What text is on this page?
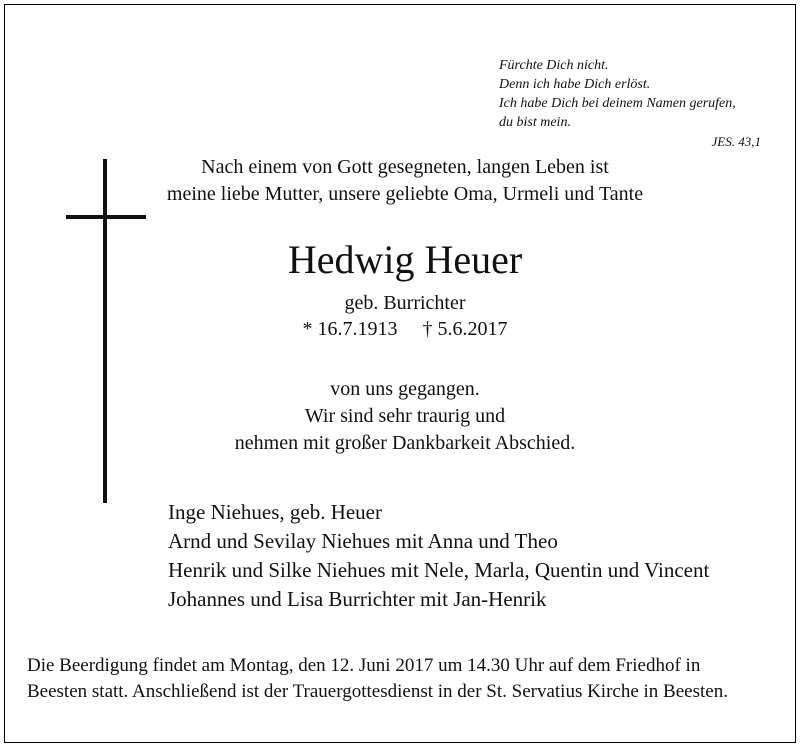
Fürchte Dich nicht.
Denn ich habe Dich erlöst.
Ich habe Dich bei deinem Namen gerufen,
du bist mein.
JES. 43,1
Nach einem von Gott gesegneten, langen Leben ist
meine liebe Mutter, unsere geliebte Oma, Urmeli und Tante
Hedwig Heuer
geb. Burrichter
* 16.7.1913 † 5.6.2017
von uns gegangen.
Wir sind sehr traurig und
nehmen mit großer Dankbarkeit Abschied.
Inge Niehues, geb. Heuer
Arnd und Sevilay Niehues mit Anna und Theo
Henrik und Silke Niehues mit Nele, Marla, Quentin und Vincent
Johannes und Lisa Burrichter mit Jan-Henrik
Die Beerdigung findet am Montag, den 12. Juni 2017 um 14.30 Uhr auf dem Friedhof in
Beesten statt. Anschließend ist der Trauergottesdienst in der St. Servatius Kirche in Beesten.
